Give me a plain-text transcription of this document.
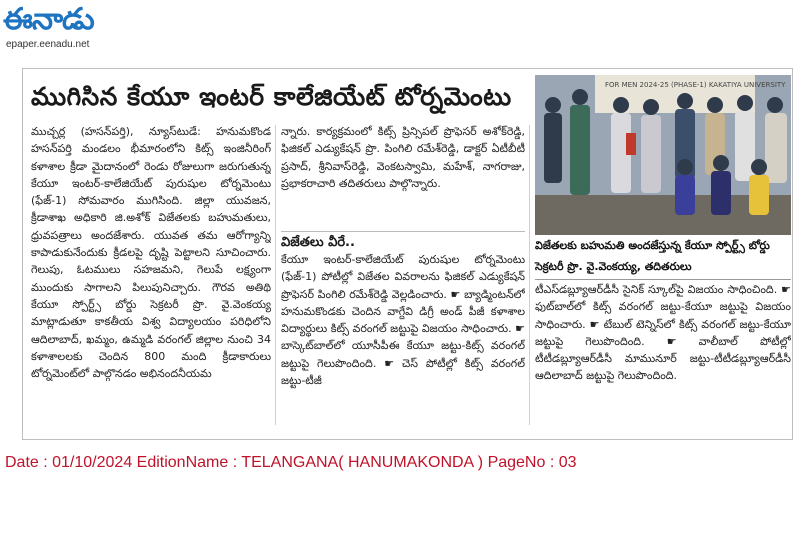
ఈనాడు
epaper.eenadu.net
ముగిసిన కేయూ ఇంటర్ కాలేజియేట్ టోర్నమెంటు
ముచ్చర్ల (హసన్‌పర్తి), న్యూస్‌టుడే: హనుమకొండ హసన్‌పర్తి మండలం భీమారంలోని కిట్స్ ఇంజినీరింగ్ కళాశాల క్రీడా మైదానంలో రెండు రోజులుగా జరుగుతున్న కేయూ ఇంటర్-కాలేజియేట్ పురుషుల టోర్నమెంటు (ఫేజ్-1) సోమవారం ముగిసింది. జిల్లా యువజన, క్రీడాశాఖ అధికారి జి.అశోక్ విజేతలకు బహుమతులు, ధ్రువపత్రాలు అందజేశారు. యువత తమ ఆరోగ్యాన్ని కాపాడుకునేందుకు క్రీడలపై దృష్టి పెట్టాలని సూచించారు. గెలుపు, ఓటములు సహజమని, గెలుపే లక్ష్యంగా ముందుకు సాగాలని పిలుపునిచ్చారు. గౌరవ అతిథి కేయూ స్పోర్ట్స్ బోర్డు సెక్రటరీ ప్రొ. వై.వెంకయ్య మాట్లాడుతూ కాకతీయ విశ్వ విద్యాలయం పరిధిలోని ఆదిలాబాద్, ఖమ్మం, ఉమ్మడి వరంగల్ జిల్లాల నుంచి 34 కళాశాలలకు చెందిన 800 మంది క్రీడాకారులు టోర్నమెంట్‌లో పాల్గొనడం అభినందనీయమ
న్నారు. కార్యక్రమంలో కిట్స్ ప్రిన్సిపల్ ప్రొఫెసర్ అశోక్‌రెడ్డి, ఫిజికల్ ఎడ్యుకేషన్ ప్రొ. పింగిలి రమేశ్‌రెడ్డి, డాక్టర్ ఏటీబీటీ ప్రసాద్, శ్రీనివాస్‌రెడ్డి, వెంకటస్వామి, మహేశ్, నాగరాజు, ప్రభాకరాచారి తదితరులు పాల్గొన్నారు.
విజేతలు వీరే..
కేయూ ఇంటర్-కాలేజియేట్ పురుషుల టోర్నమెంటు (ఫేజ్-1) పోటీల్లో విజేతల వివరాలను ఫిజికల్ ఎడ్యుకేషన్ ప్రొఫెసర్ పింగిలి రమేశ్‌రెడ్డి వెల్లడించారు. ☛ బ్యాడ్మింటన్‌లో హనుమకొండకు చెందిన వాగ్దేవి డిగ్రీ అండ్ పీజీ కళాశాల విద్యార్థులు కిట్స్ వరంగల్ జట్టుపై విజయం సాధించారు. ☛ బాస్కెట్‌బాల్‌లో యూసీపీఈ కేయూ జట్టు-కిట్స్ వరంగల్ జట్టుపై గెలుపొందింది. ☛ చెస్ పోటీల్లో కిట్స్ వరంగల్ జట్టు-టీజీ
FOR MEN 2024-25 (PHASE-1) KAKATIYA UNIVERSITY
విజేతలకు బహుమతి అందజేస్తున్న కేయూ స్పోర్ట్స్ బోర్డు సెక్రటరీ ప్రొ. వై.వెంకయ్య, తదితరులు
టీఎస్‌డబ్ల్యూఆర్‌డీసీ సైనిక్ స్కూల్‌పై విజయం సాధించింది. ☛ ఫుట్‌బాల్‌లో కిట్స్ వరంగల్ జట్టు-కేయూ జట్టుపై విజయం సాధించారు. ☛ టేబుల్ టెన్నిస్‌లో కిట్స్ వరంగల్ జట్టు-కేయూ జట్టుపై గెలుపొందింది. ☛ వాలీబాల్ పోటీల్లో టీటీడబ్ల్యూఆర్‌డీసీ మామునూర్ జట్టు-టీటీడబ్ల్యూఆర్‌డీసీ ఆదిలాబాద్ జట్టుపై గెలుపొందింది.
Date : 01/10/2024 EditionName : TELANGANA( HANUMAKONDA ) PageNo : 03
